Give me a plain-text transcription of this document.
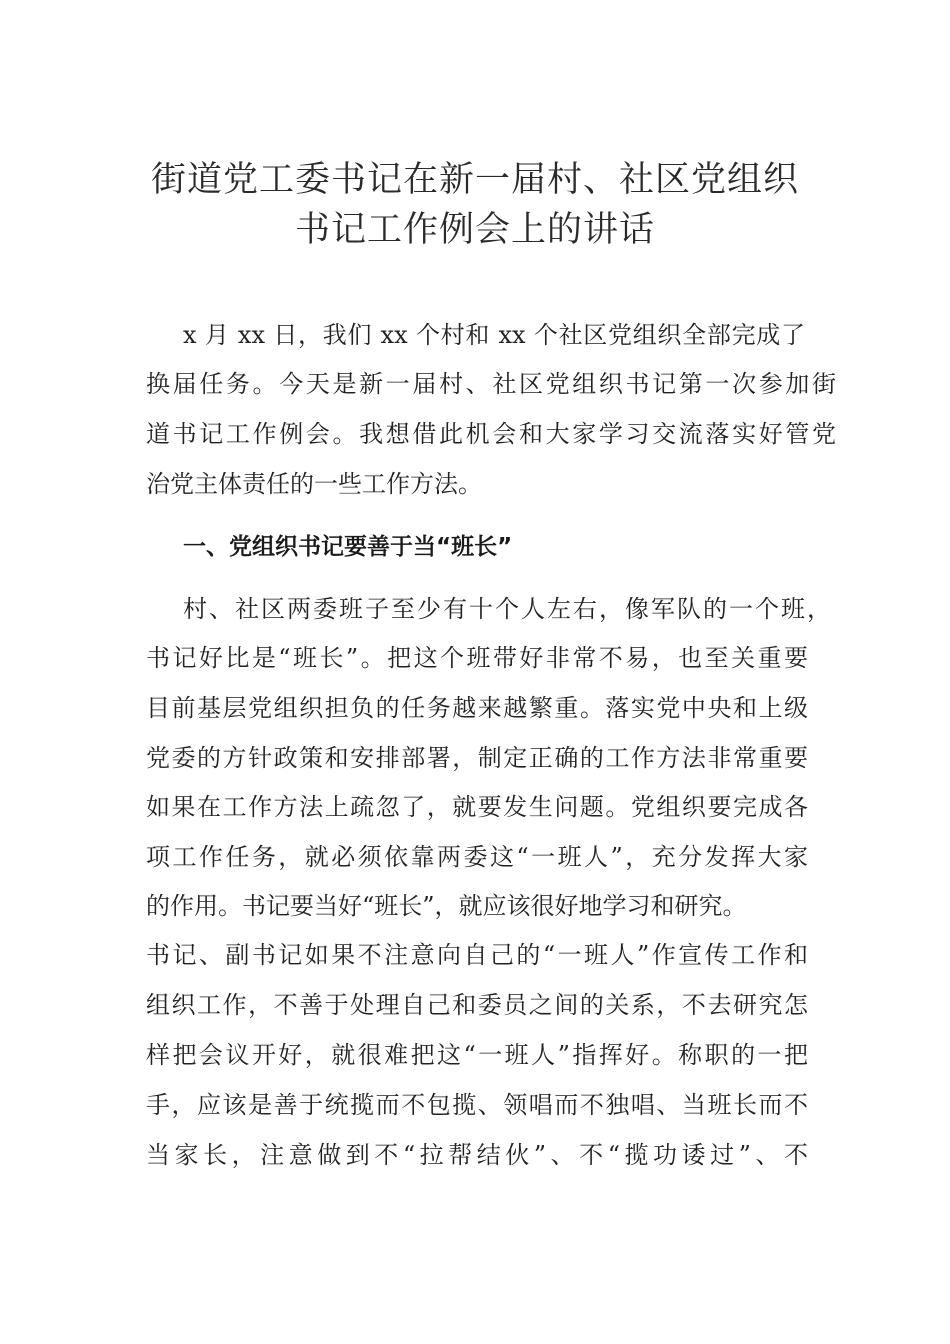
街道党工委书记在新一届村、社区党组织
书记工作例会上的讲话
x 月 xx 日，我们 xx 个村和 xx 个社区党组织全部完成了
换届任务。今天是新一届村、社区党组织书记第一次参加街
道书记工作例会。我想借此机会和大家学习交流落实好管党
治党主体责任的一些工作方法。
一、党组织书记要善于当“班长”
村、社区两委班子至少有十个人左右，像军队的一个班，
书记好比是“班长”。把这个班带好非常不易，也至关重要
目前基层党组织担负的任务越来越繁重。落实党中央和上级
党委的方针政策和安排部署，制定正确的工作方法非常重要
如果在工作方法上疏忽了，就要发生问题。党组织要完成各
项工作任务，就必须依靠两委这“一班人”，充分发挥大家
的作用。书记要当好“班长”，就应该很好地学习和研究。
书记、副书记如果不注意向自己的“一班人”作宣传工作和
组织工作，不善于处理自己和委员之间的关系，不去研究怎
样把会议开好，就很难把这“一班人”指挥好。称职的一把
手，应该是善于统揽而不包揽、领唱而不独唱、当班长而不
当家长，注意做到不“拉帮结伙”、不“揽功诿过”、不
